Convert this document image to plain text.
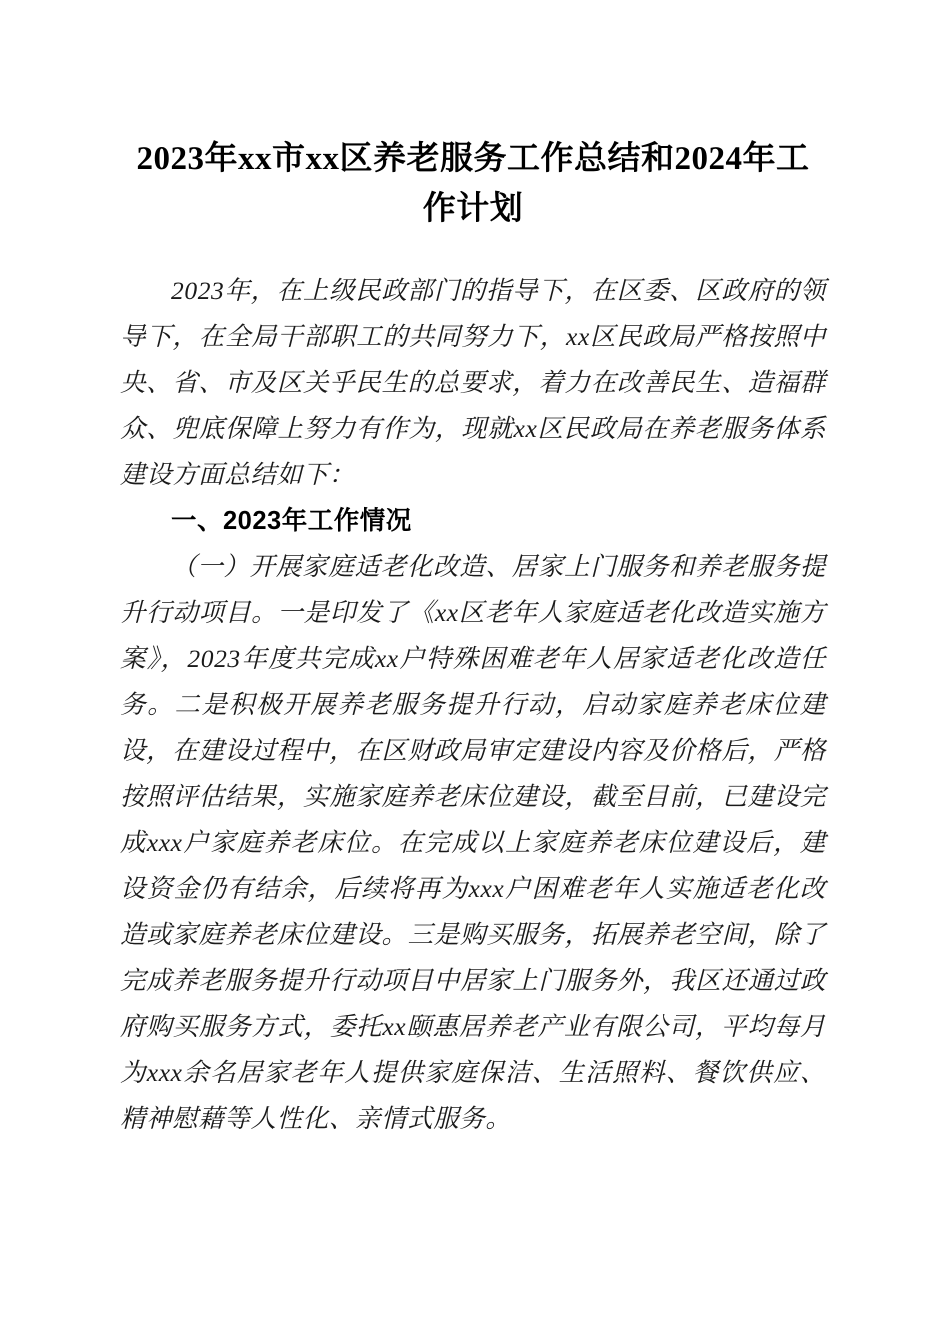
2023年xx市xx区养老服务工作总结和2024年工作计划

2023年，在上级民政部门的指导下，在区委、区政府的领导下，在全局干部职工的共同努力下，xx区民政局严格按照中央、省、市及区关乎民生的总要求，着力在改善民生、造福群众、兜底保障上努力有作为，现就xx区民政局在养老服务体系建设方面总结如下：

一、2023年工作情况

（一）开展家庭适老化改造、居家上门服务和养老服务提升行动项目。一是印发了《xx区老年人家庭适老化改造实施方案》，2023年度共完成xx户特殊困难老年人居家适老化改造任务。二是积极开展养老服务提升行动，启动家庭养老床位建设，在建设过程中，在区财政局审定建设内容及价格后，严格按照评估结果，实施家庭养老床位建设，截至目前，已建设完成xxx户家庭养老床位。在完成以上家庭养老床位建设后，建设资金仍有结余，后续将再为xxx户困难老年人实施适老化改造或家庭养老床位建设。三是购买服务，拓展养老空间，除了完成养老服务提升行动项目中居家上门服务外，我区还通过政府购买服务方式，委托xx颐惠居养老产业有限公司，平均每月为xxx余名居家老年人提供家庭保洁、生活照料、餐饮供应、精神慰藉等人性化、亲情式服务。
